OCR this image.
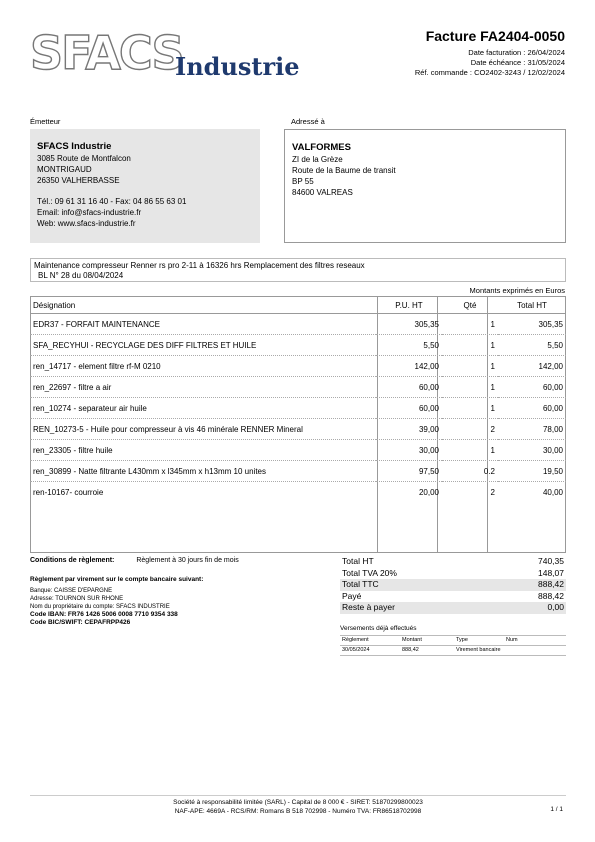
SFACS
Industrie
Facture FA2404-0050
Date facturation : 26/04/2024
Date échéance : 31/05/2024
Réf. commande : CO2402-3243 / 12/02/2024
Émetteur
SFACS Industrie
3085 Route de Montfalcon
MONTRIGAUD
26350 VALHERBASSE
Tél.: 09 61 31 16 40 - Fax: 04 86 55 63 01
Email: info@sfacs-industrie.fr
Web: www.sfacs-industrie.fr
Adressé à
VALFORMES
ZI de la Grèze
Route de la Baume de transit
BP 55
84600 VALREAS
Maintenance compresseur Renner rs pro 2-11 à 16326 hrs Remplacement des filtres reseaux
BL N° 28 du 08/04/2024
Montants exprimés en Euros
Désignation	P.U. HT	Qté	Total HT
EDR37 - FORFAIT MAINTENANCE	305,35	1	305,35
SFA_RECYHUI - RECYCLAGE DES DIFF FILTRES ET HUILE	5,50	1	5,50
ren_14717 - element filtre rf-M 0210	142,00	1	142,00
ren_22697 - filtre a air	60,00	1	60,00
ren_10274 - separateur air huile	60,00	1	60,00
REN_10273-5 - Huile pour compresseur à vis 46 minérale RENNER Mineral	39,00	2	78,00
ren_23305 - filtre huile	30,00	1	30,00
ren_30899 - Natte filtrante L430mm x l345mm x h13mm 10 unites	97,50	0.2	19,50
ren-10167- courroie	20,00	2	40,00
Conditions de règlement:	Règlement à 30 jours fin de mois
Règlement par virement sur le compte bancaire suivant:
Banque: CAISSE D'EPARGNE
Adresse: TOURNON SUR RHONE
Nom du propriétaire du compte: SFACS INDUSTRIE
Code IBAN: FR76 1426 5006 0008 7710 9354 338
Code BIC/SWIFT: CEPAFRPP426
Total HT	740,35
Total TVA 20%	148,07
Total TTC	888,42
Payé	888,42
Reste à payer	0,00
Versements déjà effectués
Règlement	Montant	Type	Num
30/05/2024	888,42	Virement bancaire
Société à responsabilité limitée (SARL) - Capital de 8 000 € - SIRET: 51870299800023
NAF-APE: 4669A - RCS/RM: Romans B 518 702998 - Numéro TVA: FR86518702998	1 / 1
